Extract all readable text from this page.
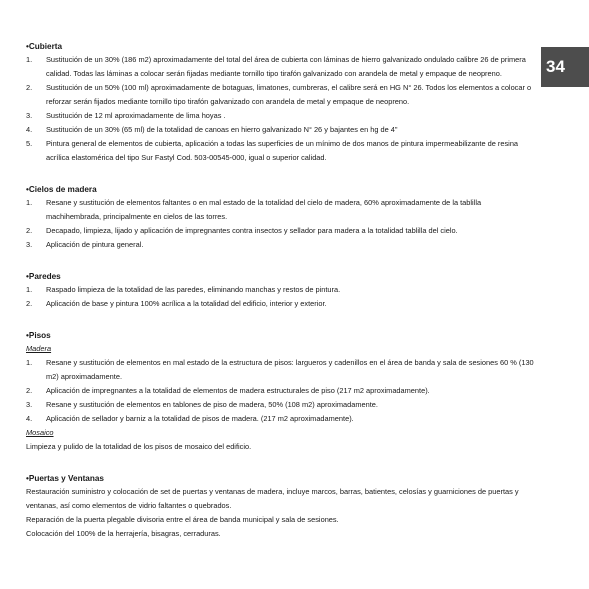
34
•Cubierta
1.	Sustitución de un 30% (186 m2) aproximadamente del total del área de cubierta con láminas de hierro galvanizado ondulado calibre 26 de primera calidad. Todas las láminas a colocar serán fijadas mediante tornillo tipo tirafón galvanizado con arandela de metal y empaque de neopreno.
2.	Sustitución de un 50% (100 ml) aproximadamente de botaguas, limatones, cumbreras, el calibre será en HG N° 26. Todos los elementos a colocar o reforzar serán fijados mediante tornillo tipo tirafón galvanizado con arandela de metal y empaque de neopreno.
3.	Sustitución de 12 ml aproximadamente de lima hoyas .
4.	Sustitución de un 30% (65 ml) de la totalidad de canoas en hierro galvanizado N° 26 y bajantes en hg de 4"
5.	Pintura general de elementos de cubierta, aplicación a todas las superficies de un mínimo de dos manos de pintura impermeabilizante de resina acrílica elastomérica del tipo Sur Fastyl Cod. 503-00545-000, igual o superior calidad.
•Cielos de madera
1.	Resane y sustitución de elementos faltantes o en mal estado de la totalidad del cielo de madera, 60% aproximadamente de la tablilla machihembrada, principalmente en cielos de las torres.
2.	Decapado, limpieza, lijado y aplicación de impregnantes contra insectos y sellador para madera a la totalidad tablilla del cielo.
3.	Aplicación de pintura general.
•Paredes
1.	Raspado limpieza de la totalidad de las paredes, eliminando manchas y restos de pintura.
2.	Aplicación de base y pintura 100% acrílica a la totalidad del edificio, interior y exterior.
•Pisos
Madera
1.	Resane y sustitución de elementos en mal estado de la estructura de pisos: largueros y cadenillos en el área de banda y sala de sesiones 60 % (130 m2) aproximadamente.
2.	Aplicación de impregnantes a la totalidad de elementos de madera estructurales de piso (217 m2 aproximadamente).
3.	Resane y sustitución de elementos en tablones de piso de madera, 50% (108 m2) aproximadamente.
4.	Aplicación de sellador y barniz a la totalidad de pisos de madera. (217 m2 aproximadamente).
Mosaico
Limpieza y pulido de la totalidad de los pisos de mosaico del edificio.
•Puertas y Ventanas
Restauración suministro y colocación de set de puertas y ventanas de madera, incluye marcos, barras, batientes, celosías y guarniciones de puertas y ventanas, así como elementos de vidrio faltantes o quebrados.
Reparación de la puerta plegable divisoria entre el área de banda municipal y sala de sesiones.
Colocación del 100% de la herrajería, bisagras, cerraduras.
